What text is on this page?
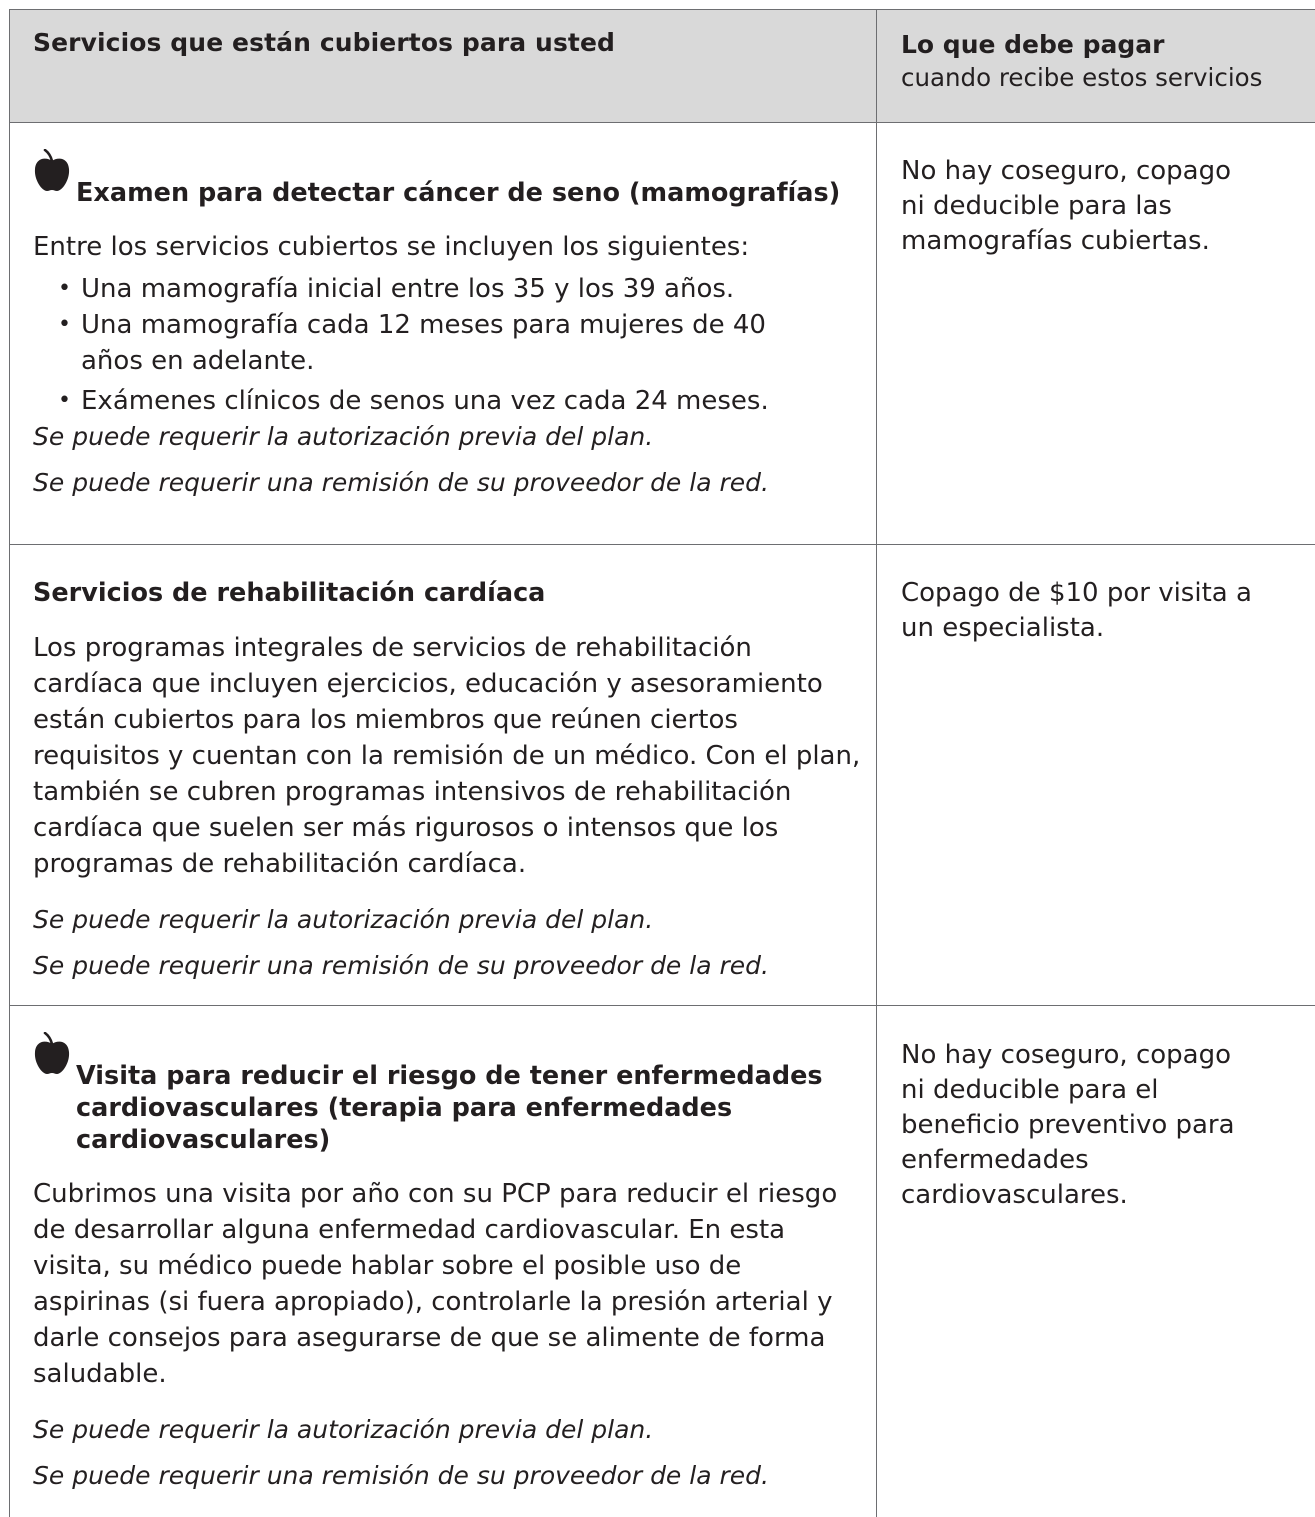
Servicios que están cubiertos para usted	Lo que debe pagar
cuando recibe estos servicios
Examen para detectar cáncer de seno (mamografías)

Entre los servicios cubiertos se incluyen los siguientes:

• Una mamografía inicial entre los 35 y los 39 años.
• Una mamografía cada 12 meses para mujeres de 40 años en adelante.
• Exámenes clínicos de senos una vez cada 24 meses.

Se puede requerir la autorización previa del plan.

Se puede requerir una remisión de su proveedor de la red.

No hay coseguro, copago ni deducible para las mamografías cubiertas.
Servicios de rehabilitación cardíaca

Los programas integrales de servicios de rehabilitación cardíaca que incluyen ejercicios, educación y asesoramiento están cubiertos para los miembros que reúnen ciertos requisitos y cuentan con la remisión de un médico. Con el plan, también se cubren programas intensivos de rehabilitación cardíaca que suelen ser más rigurosos o intensos que los programas de rehabilitación cardíaca.

Se puede requerir la autorización previa del plan.

Se puede requerir una remisión de su proveedor de la red.

Copago de $10 por visita a un especialista.
Visita para reducir el riesgo de tener enfermedades cardiovasculares (terapia para enfermedades cardiovasculares)

Cubrimos una visita por año con su PCP para reducir el riesgo de desarrollar alguna enfermedad cardiovascular. En esta visita, su médico puede hablar sobre el posible uso de aspirinas (si fuera apropiado), controlarle la presión arterial y darle consejos para asegurarse de que se alimente de forma saludable.

Se puede requerir la autorización previa del plan.

Se puede requerir una remisión de su proveedor de la red.

No hay coseguro, copago ni deducible para el beneficio preventivo para enfermedades cardiovasculares.
